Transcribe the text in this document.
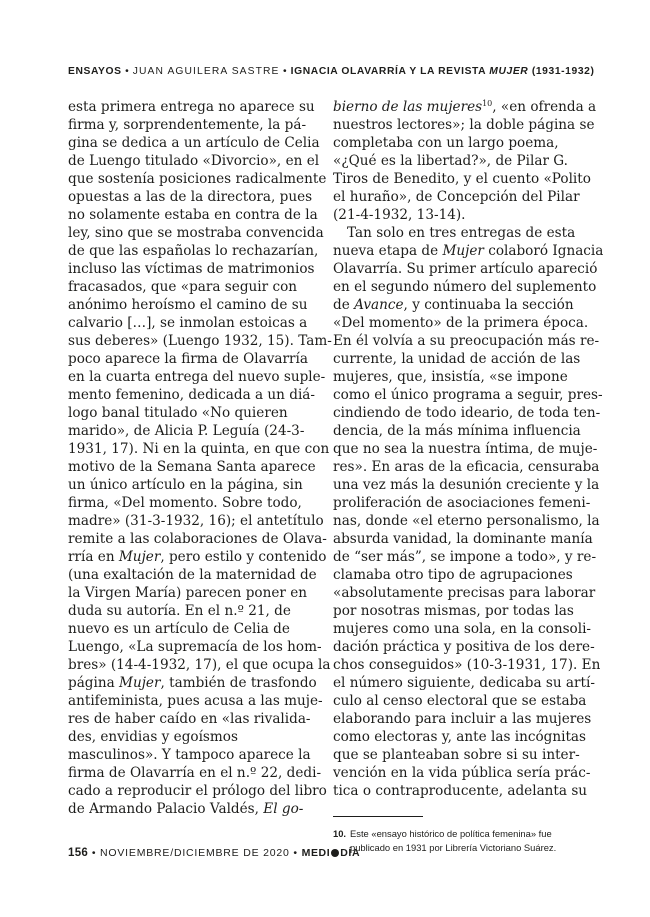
ENSAYOS • JUAN AGUILERA SASTRE • IGNACIA OLAVARRÍA Y LA REVISTA MUJER (1931-1932)
esta primera entrega no aparece su
firma y, sorprendentemente, la pá-
gina se dedica a un artículo de Celia
de Luengo titulado «Divorcio», en el
que sostenía posiciones radicalmente
opuestas a las de la directora, pues
no solamente estaba en contra de la
ley, sino que se mostraba convencida
de que las españolas lo rechazarían,
incluso las víctimas de matrimonios
fracasados, que «para seguir con
anónimo heroísmo el camino de su
calvario […], se inmolan estoicas a
sus deberes» (Luengo 1932, 15). Tam-
poco aparece la firma de Olavarría
en la cuarta entrega del nuevo suple-
mento femenino, dedicada a un diá-
logo banal titulado «No quieren
marido», de Alicia P. Leguía (24-3-
1931, 17). Ni en la quinta, en que con
motivo de la Semana Santa aparece
un único artículo en la página, sin
firma, «Del momento. Sobre todo,
madre» (31-3-1932, 16); el antetítulo
remite a las colaboraciones de Olava-
rría en Mujer, pero estilo y contenido
(una exaltación de la maternidad de
la Virgen María) parecen poner en
duda su autoría. En el n.º 21, de
nuevo es un artículo de Celia de
Luengo, «La supremacía de los hom-
bres» (14-4-1932, 17), el que ocupa la
página Mujer, también de trasfondo
antifeminista, pues acusa a las muje-
res de haber caído en «las rivalida-
des, envidias y egoísmos
masculinos». Y tampoco aparece la
firma de Olavarría en el n.º 22, dedi-
cado a reproducir el prólogo del libro
de Armando Palacio Valdés, El go-
bierno de las mujeres$^{10}$, «en ofrenda a
nuestros lectores»; la doble página se
completaba con un largo poema,
«¿Qué es la libertad?», de Pilar G.
Tiros de Benedito, y el cuento «Polito
el huraño», de Concepción del Pilar
(21-4-1932, 13-14).
Tan solo en tres entregas de esta
nueva etapa de Mujer colaboró Ignacia
Olavarría. Su primer artículo apareció
en el segundo número del suplemento
de Avance, y continuaba la sección
«Del momento» de la primera época.
En él volvía a su preocupación más re-
currente, la unidad de acción de las
mujeres, que, insistía, «se impone
como el único programa a seguir, pres-
cindiendo de todo ideario, de toda ten-
dencia, de la más mínima influencia
que no sea la nuestra íntima, de muje-
res». En aras de la eficacia, censuraba
una vez más la desunión creciente y la
proliferación de asociaciones femeni-
nas, donde «el eterno personalismo, la
absurda vanidad, la dominante manía
de “ser más”, se impone a todo», y re-
clamaba otro tipo de agrupaciones
«absolutamente precisas para laborar
por nosotras mismas, por todas las
mujeres como una sola, en la consoli-
dación práctica y positiva de los dere-
chos conseguidos» (10-3-1931, 17). En
el número siguiente, dedicaba su artí-
culo al censo electoral que se estaba
elaborando para incluir a las mujeres
como electoras y, ante las incógnitas
que se planteaban sobre si su inter-
vención en la vida pública sería prác-
tica o contraproducente, adelanta su
10. Este «ensayo histórico de política femenina» fue
publicado en 1931 por Librería Victoriano Suárez.
156 • NOVIEMBRE/DICIEMBRE DE 2020 • MEDI DÍA
